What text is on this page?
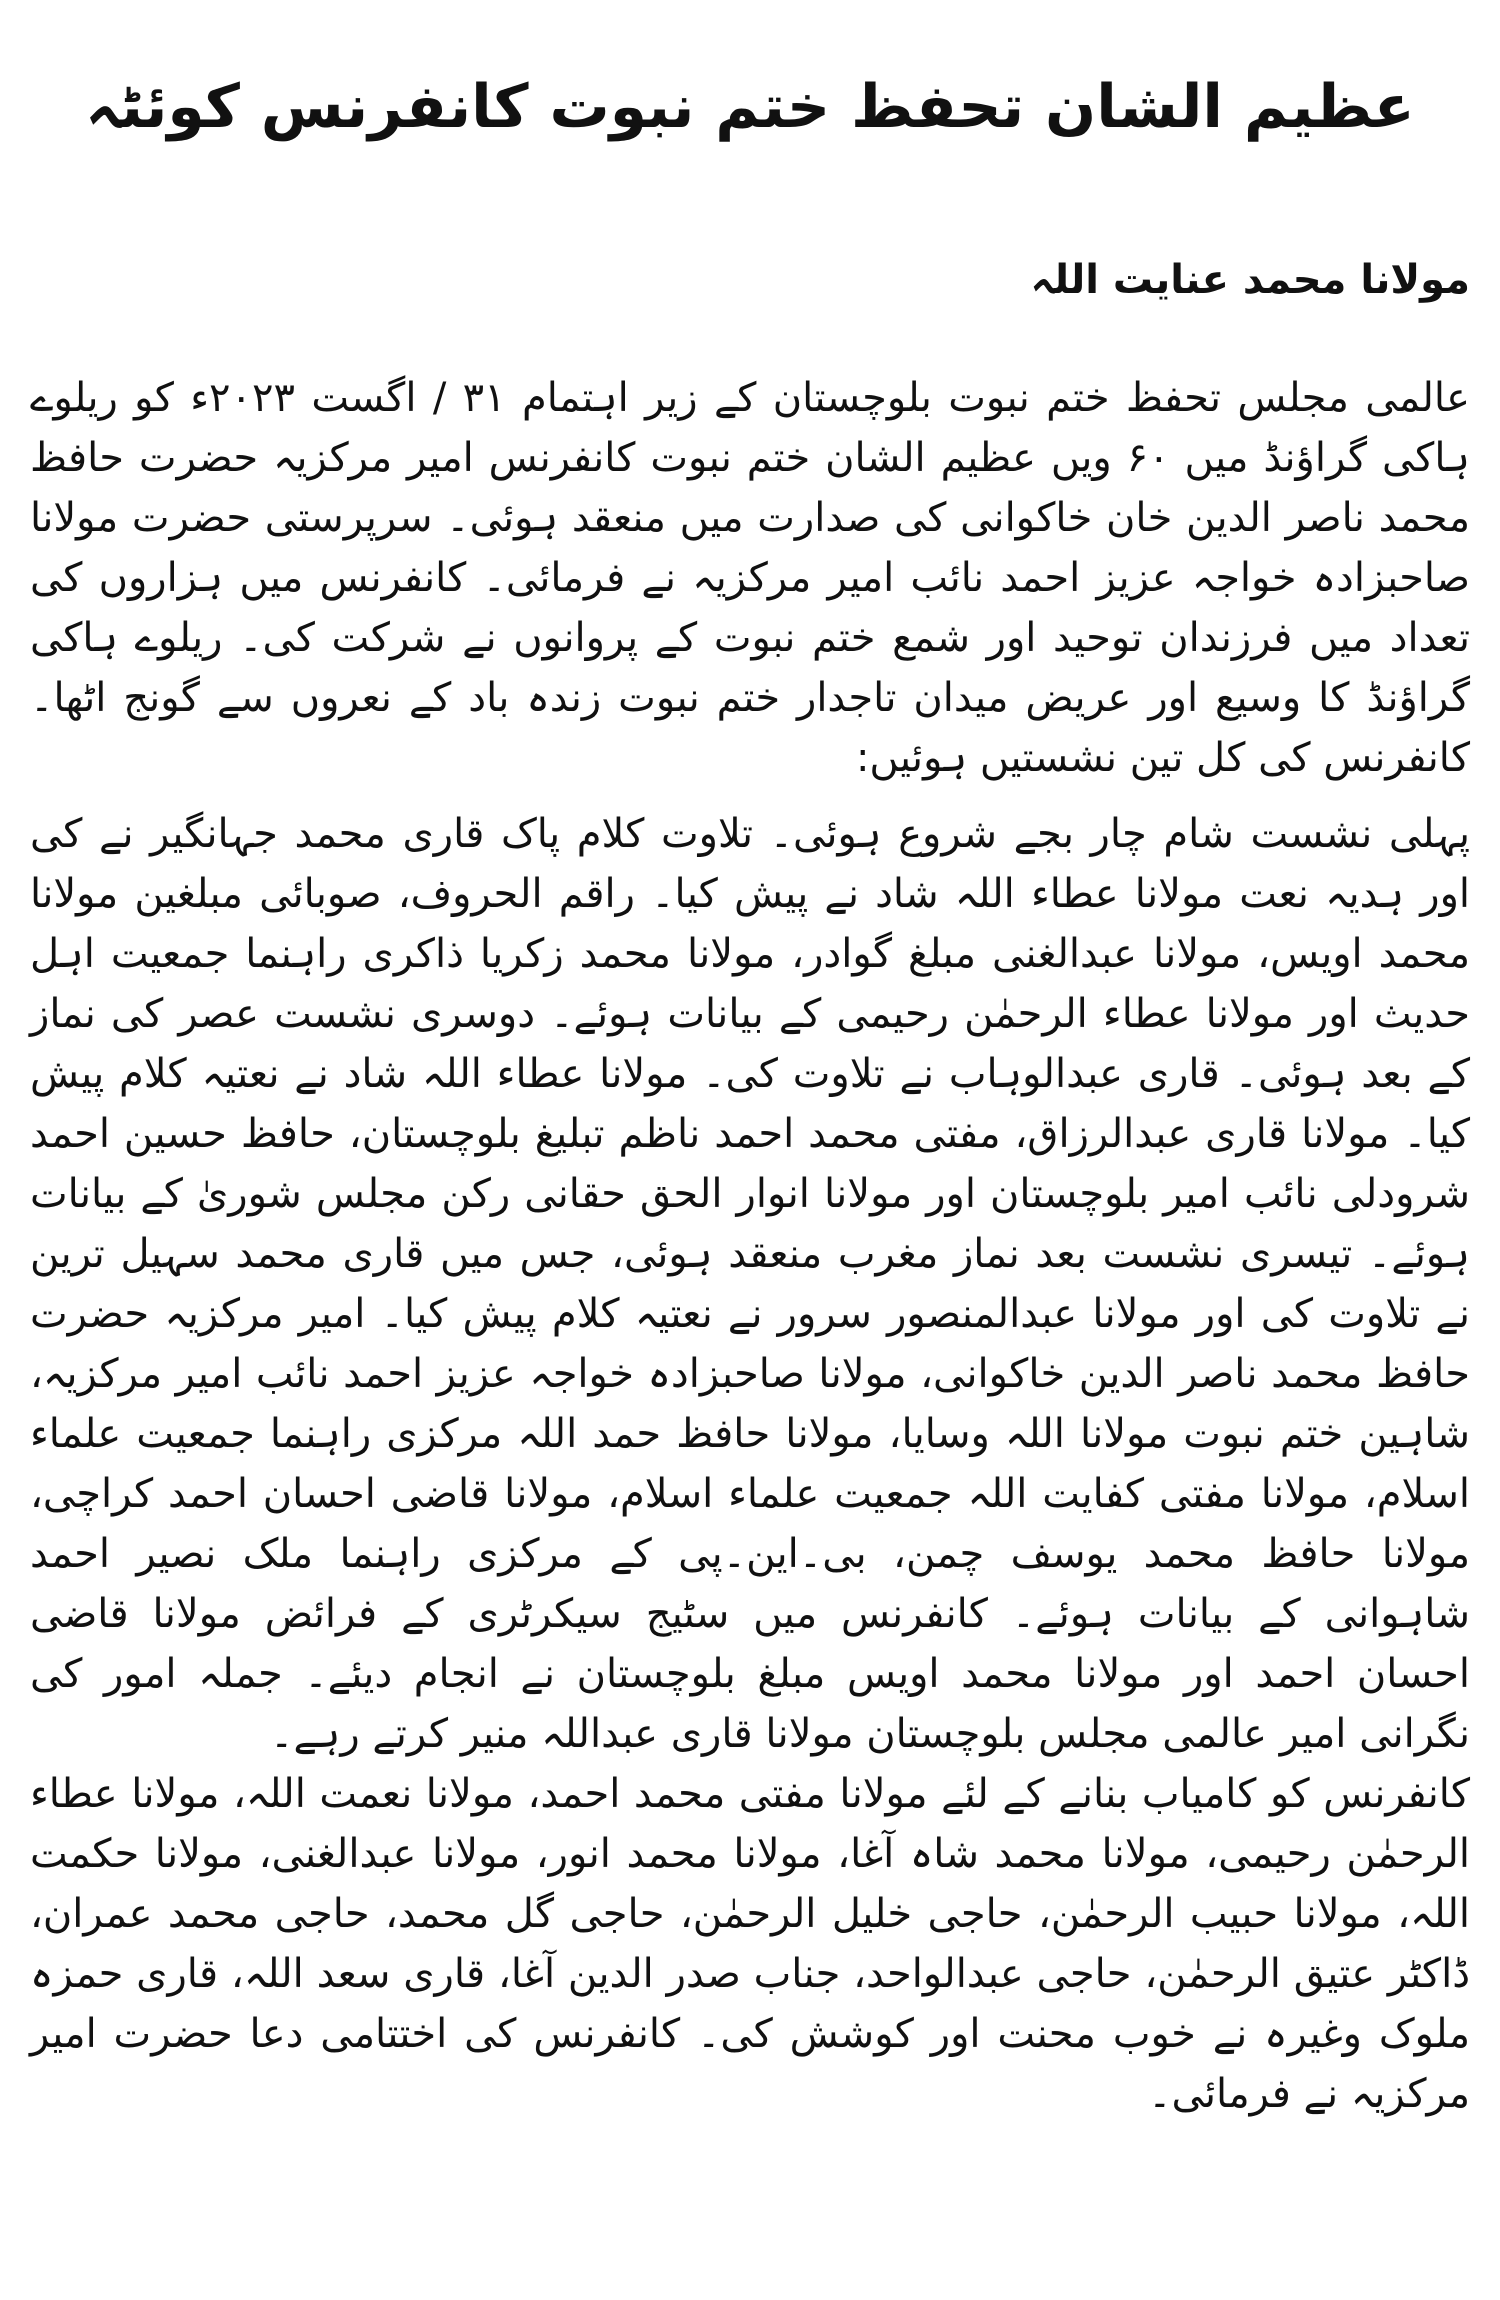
عظیم الشان تحفظ ختم نبوت کانفرنس کوئٹہ
مولانا محمد عنایت اللہ

عالمی مجلس تحفظ ختم نبوت بلوچستان کے زیر اہتمام ۳۱ / اگست ۲۰۲۳ء کو ریلوے ہاکی گراؤنڈ میں ۶۰ ویں عظیم الشان ختم نبوت کانفرنس امیر مرکزیہ حضرت حافظ محمد ناصر الدین خان خاکوانی کی صدارت میں منعقد ہوئی۔ سرپرستی حضرت مولانا صاحبزادہ خواجہ عزیز احمد نائب امیر مرکزیہ نے فرمائی۔ کانفرنس میں ہزاروں کی تعداد میں فرزندان توحید اور شمع ختم نبوت کے پروانوں نے شرکت کی۔ ریلوے ہاکی گراؤنڈ کا وسیع اور عریض میدان تاجدار ختم نبوت زندہ باد کے نعروں سے گونج اٹھا۔ کانفرنس کی کل تین نشستیں ہوئیں:

پہلی نشست شام چار بجے شروع ہوئی۔ تلاوت کلام پاک قاری محمد جہانگیر نے کی اور ہدیہ نعت مولانا عطاء اللہ شاد نے پیش کیا۔ راقم الحروف، صوبائی مبلغین مولانا محمد اویس، مولانا عبدالغنی مبلغ گوادر، مولانا محمد زکریا ذاکری راہنما جمعیت اہل حدیث اور مولانا عطاء الرحمٰن رحیمی کے بیانات ہوئے۔ دوسری نشست عصر کی نماز کے بعد ہوئی۔ قاری عبدالوہاب نے تلاوت کی۔ مولانا عطاء اللہ شاد نے نعتیہ کلام پیش کیا۔ مولانا قاری عبدالرزاق، مفتی محمد احمد ناظم تبلیغ بلوچستان، حافظ حسین احمد شرودلی نائب امیر بلوچستان اور مولانا انوار الحق حقانی رکن مجلس شوریٰ کے بیانات ہوئے۔ تیسری نشست بعد نماز مغرب منعقد ہوئی، جس میں قاری محمد سہیل ترین نے تلاوت کی اور مولانا عبدالمنصور سرور نے نعتیہ کلام پیش کیا۔ امیر مرکزیہ حضرت حافظ محمد ناصر الدین خاکوانی، مولانا صاحبزادہ خواجہ عزیز احمد نائب امیر مرکزیہ، شاہین ختم نبوت مولانا اللہ وسایا، مولانا حافظ حمد اللہ مرکزی راہنما جمعیت علماء اسلام، مولانا مفتی کفایت اللہ جمعیت علماء اسلام، مولانا قاضی احسان احمد کراچی، مولانا حافظ محمد یوسف چمن، بی۔این۔پی کے مرکزی راہنما ملک نصیر احمد شاہوانی کے بیانات ہوئے۔ کانفرنس میں سٹیج سیکرٹری کے فرائض مولانا قاضی احسان احمد اور مولانا محمد اویس مبلغ بلوچستان نے انجام دیئے۔ جملہ امور کی نگرانی امیر عالمی مجلس بلوچستان مولانا قاری عبداللہ منیر کرتے رہے۔

کانفرنس کو کامیاب بنانے کے لئے مولانا مفتی محمد احمد، مولانا نعمت اللہ، مولانا عطاء الرحمٰن رحیمی، مولانا محمد شاہ آغا، مولانا محمد انور، مولانا عبدالغنی، مولانا حکمت اللہ، مولانا حبیب الرحمٰن، حاجی خلیل الرحمٰن، حاجی گل محمد، حاجی محمد عمران، ڈاکٹر عتیق الرحمٰن، حاجی عبدالواحد، جناب صدر الدین آغا، قاری سعد اللہ، قاری حمزہ ملوک وغیرہ نے خوب محنت اور کوشش کی۔ کانفرنس کی اختتامی دعا حضرت امیر مرکزیہ نے فرمائی۔
